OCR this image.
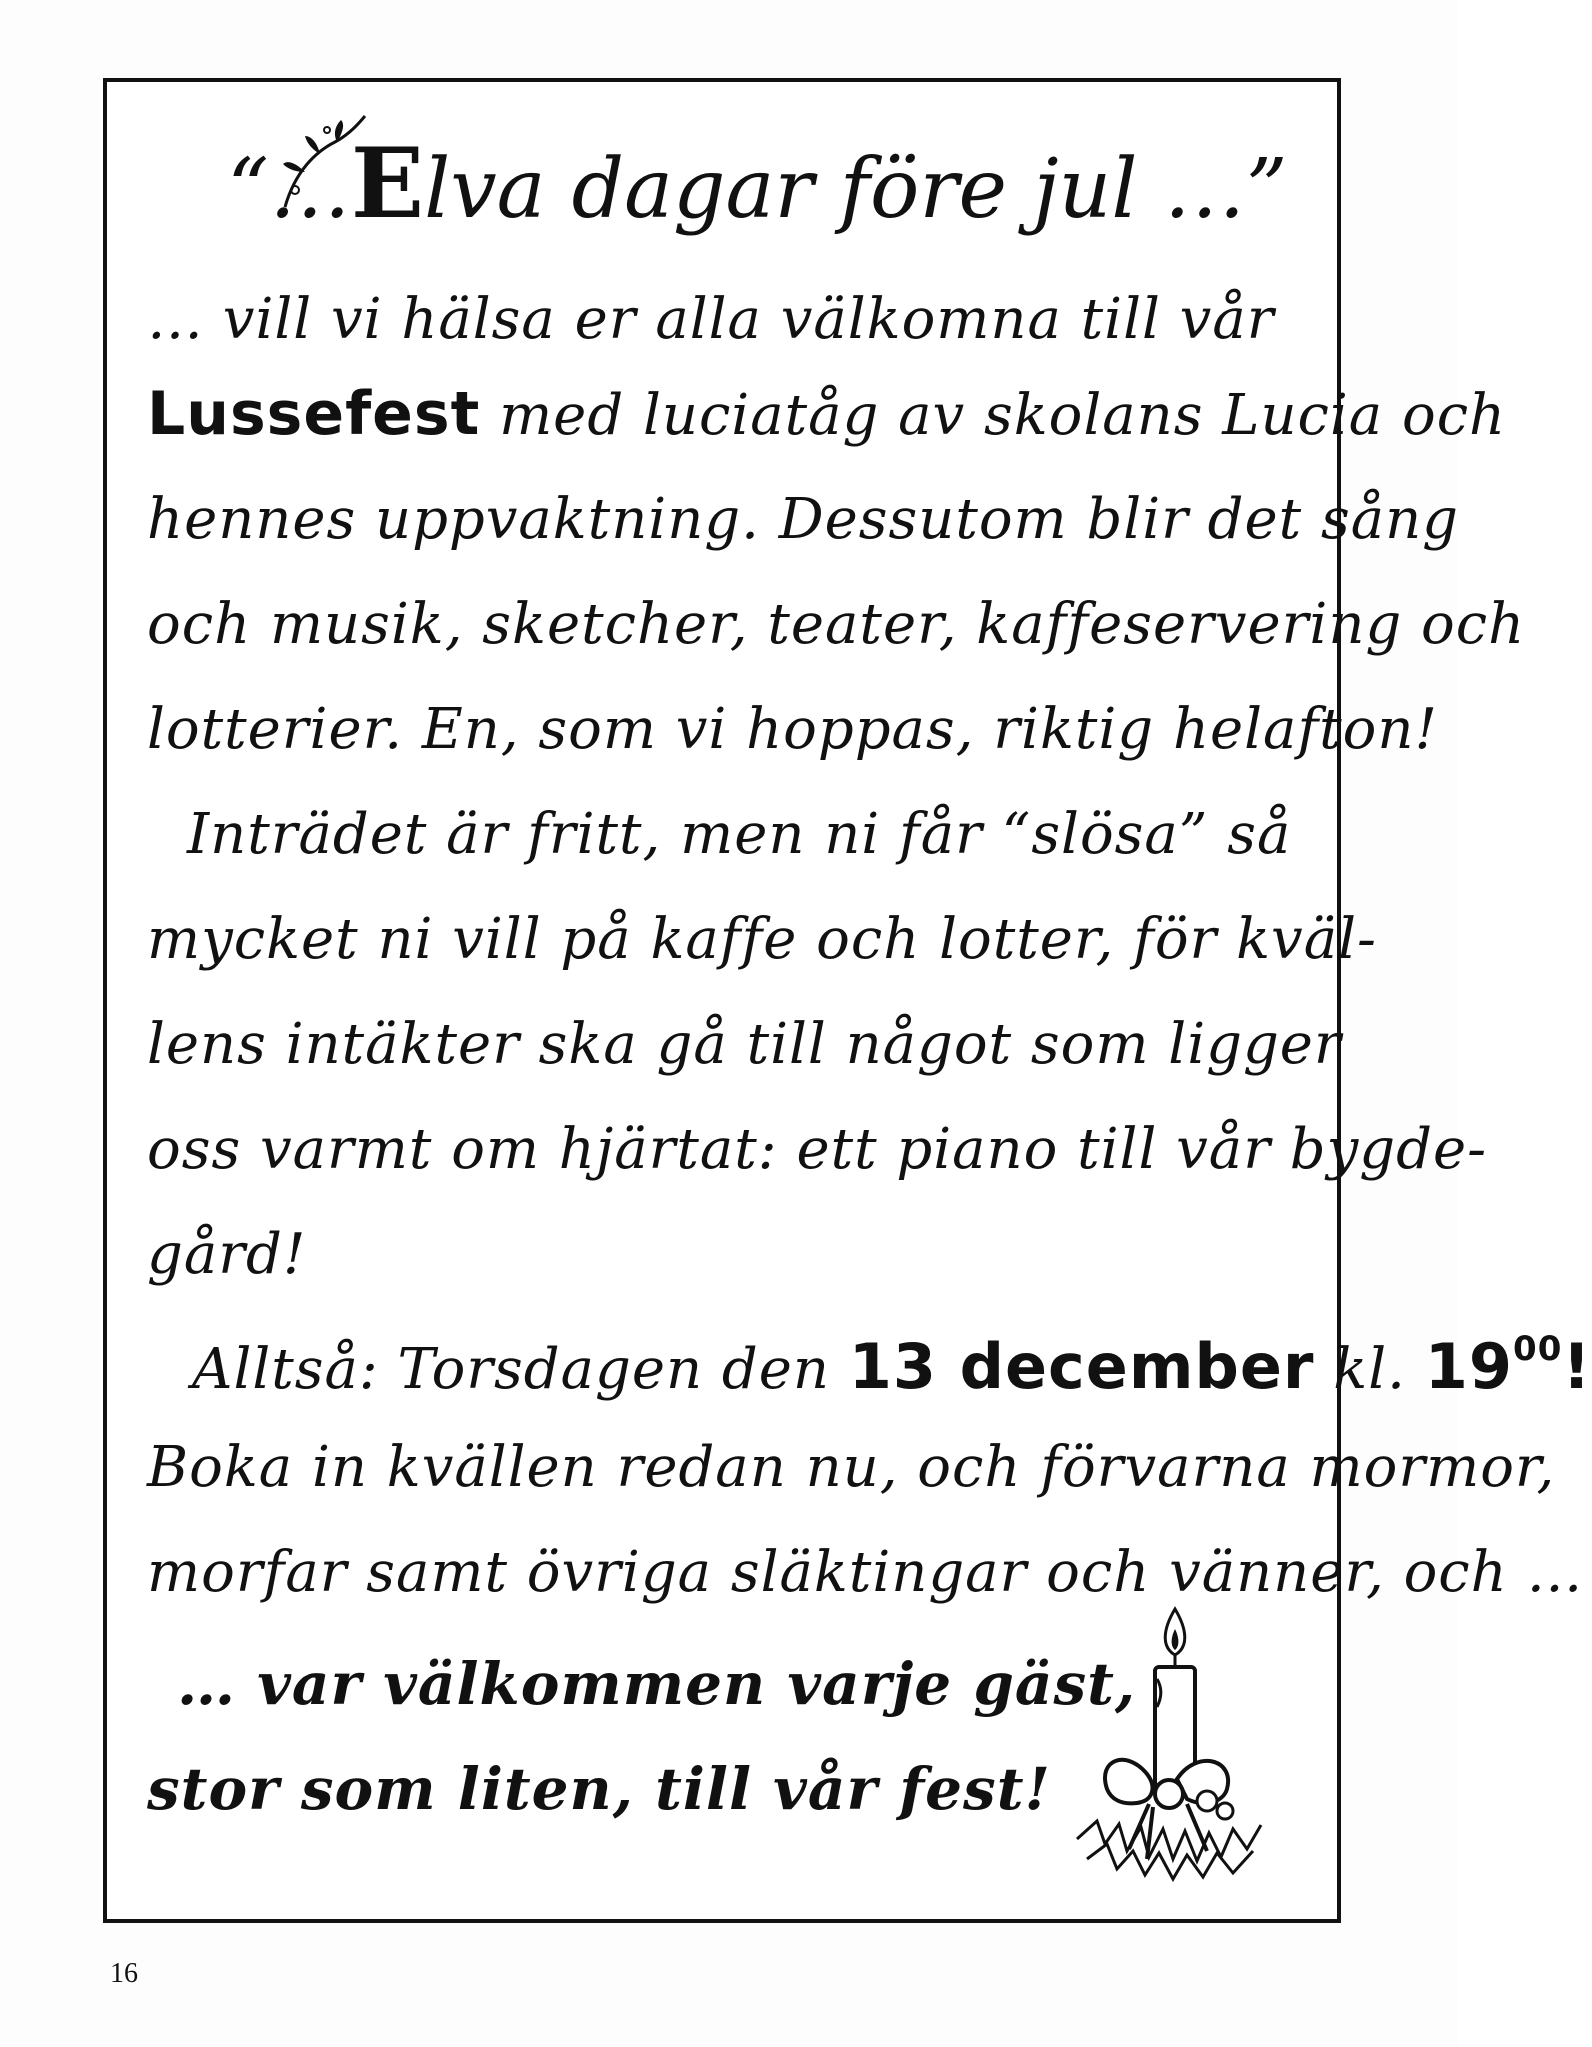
“…Elva dagar före jul …”
… vill vi hälsa er alla välkomna till vår
Lussefest med luciatåg av skolans Lucia och
hennes uppvaktning. Dessutom blir det sång
och musik, sketcher, teater, kaffeservering och
lotterier. En, som vi hoppas, riktig helafton!
Inträdet är fritt, men ni får “slösa” så
mycket ni vill på kaffe och lotter, för kväl-
lens intäkter ska gå till något som ligger
oss varmt om hjärtat: ett piano till vår bygde-
gård!
Alltså: Torsdagen den 13 december kl. $19^{00}$!
Boka in kvällen redan nu, och förvarna mormor,
morfar samt övriga släktingar och vänner, och …
… var välkommen varje gäst,
stor som liten, till vår fest!
16
